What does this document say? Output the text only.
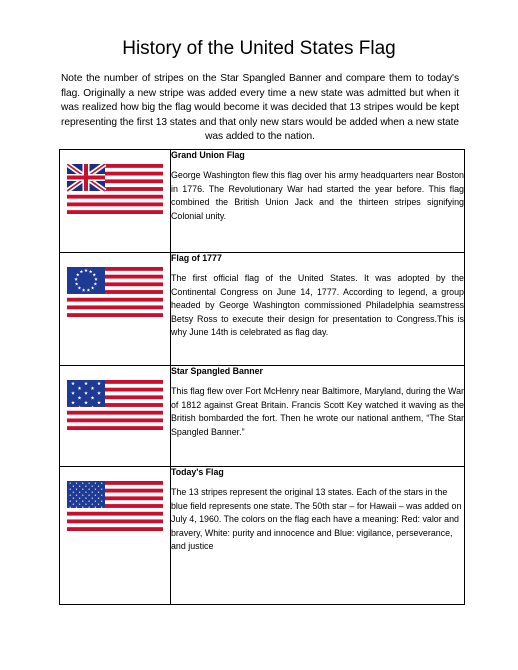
History of the United States Flag

Note the number of stripes on the Star Spangled Banner and compare them to today's flag. Originally a new stripe was added every time a new state was admitted but when it was realized how big the flag would become it was decided that 13 stripes would be kept representing the first 13 states and that only new stars would be added when a new state was added to the nation.

Grand Union Flag

George Washington flew this flag over his army headquarters near Boston in 1776. The Revolutionary War had started the year before. This flag combined the British Union Jack and the thirteen stripes signifying Colonial unity.

Flag of 1777

The first official flag of the United States. It was adopted by the Continental Congress on June 14, 1777. According to legend, a group headed by George Washington commissioned Philadelphia seamstress Betsy Ross to execute their design for presentation to Congress.This is why June 14th is celebrated as flag day.

Star Spangled Banner

This flag flew over Fort McHenry near Baltimore, Maryland, during the War of 1812 against Great Britain. Francis Scott Key watched it waving as the British bombarded the fort. Then he wrote our national anthem, “The Star Spangled Banner.”

Today's Flag

The 13 stripes represent the original 13 states. Each of the stars in the blue field represents one state. The 50th star – for Hawaii – was added on July 4, 1960. The colors on the flag each have a meaning: Red: valor and bravery, White: purity and innocence and Blue: vigilance, perseverance, and justice
